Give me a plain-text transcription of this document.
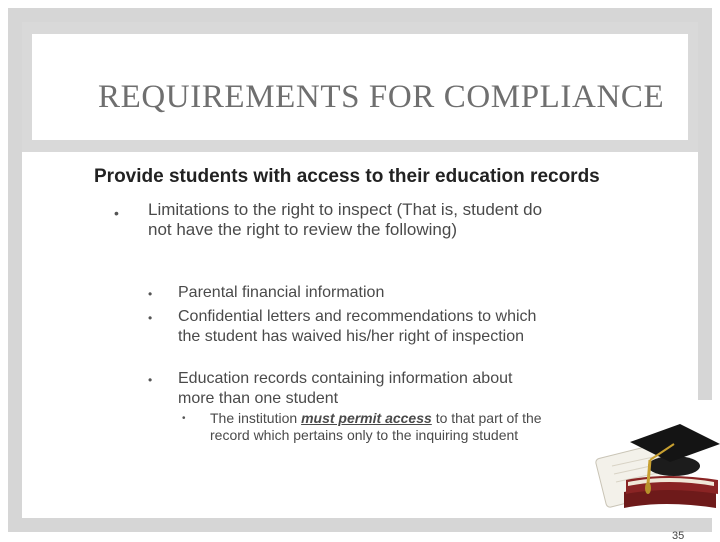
REQUIREMENTS FOR COMPLIANCE
Provide students with access to their education records
• Limitations to the right to inspect (That is, student do not have the right to review the following)
• Parental financial information
• Confidential letters and recommendations to which the student has waived his/her right of inspection
• Education records containing information about more than one student
• The institution must permit access to that part of the record which pertains only to the inquiring student
35
